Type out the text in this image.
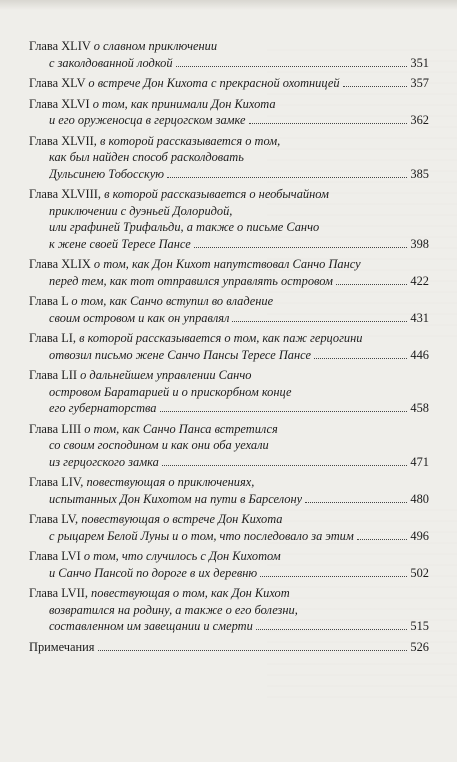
Глава XLIV о славном приключении
с заколдованной лодкой	351
Глава XLV о встрече Дон Кихота с прекрасной охотницей	357
Глава XLVI о том, как принимали Дон Кихота
и его оруженосца в герцогском замке	362
Глава XLVII, в которой рассказывается о том,
как был найден способ расколдовать
Дульсинею Тобосскую	385
Глава XLVIII, в которой рассказывается о необычайном
приключении с дуэньей Долоридой,
или графиней Трифальди, а также о письме Санчо
к жене своей Тересе Пансе	398
Глава XLIX о том, как Дон Кихот напутствовал Санчо Пансу
перед тем, как тот отправился управлять островом	422
Глава L о том, как Санчо вступил во владение
своим островом и как он управлял	431
Глава LI, в которой рассказывается о том, как паж герцогини
отвозил письмо жене Санчо Пансы Тересе Пансе	446
Глава LII о дальнейшем управлении Санчо
островом Баратарией и о прискорбном конце
его губернаторства	458
Глава LIII о том, как Санчо Панса встретился
со своим господином и как они оба уехали
из герцогского замка	471
Глава LIV, повествующая о приключениях,
испытанных Дон Кихотом на пути в Барселону	480
Глава LV, повествующая о встрече Дон Кихота
с рыцарем Белой Луны и о том, что последовало за этим	496
Глава LVI о том, что случилось с Дон Кихотом
и Санчо Пансой по дороге в их деревню	502
Глава LVII, повествующая о том, как Дон Кихот
возвратился на родину, а также о его болезни,
составленном им завещании и смерти	515
Примечания	526
